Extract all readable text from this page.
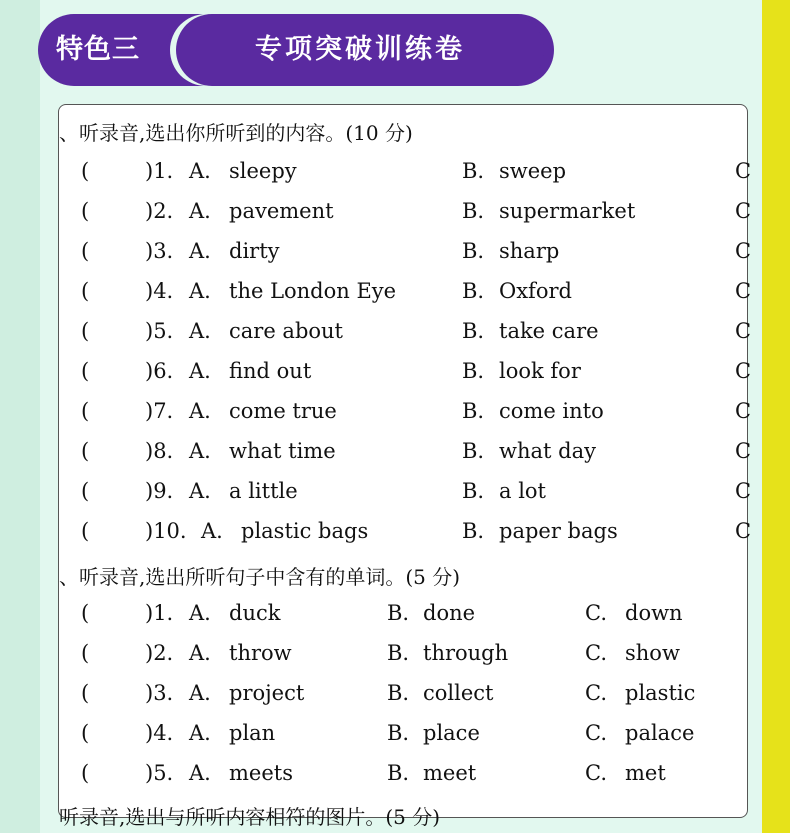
特色三	专项突破训练卷
、听录音,选出你所听到的内容。(10 分)
(	)1. A. sleepy	B. sweep	C
(	)2. A. pavement	B. supermarket	C
(	)3. A. dirty	B. sharp	C
(	)4. A. the London Eye	B. Oxford	C
(	)5. A. care about	B. take care	C
(	)6. A. find out	B. look for	C
(	)7. A. come true	B. come into	C
(	)8. A. what time	B. what day	C
(	)9. A. a little	B. a lot	C
(	)10. A. plastic bags	B. paper bags	C
、听录音,选出所听句子中含有的单词。(5 分)
(	)1. A. duck	B. done	C. down
(	)2. A. throw	B. through	C. show
(	)3. A. project	B. collect	C. plastic
(	)4. A. plan	B. place	C. palace
(	)5. A. meets	B. meet	C. met
听录音,选出与所听内容相符的图片。(5 分)
